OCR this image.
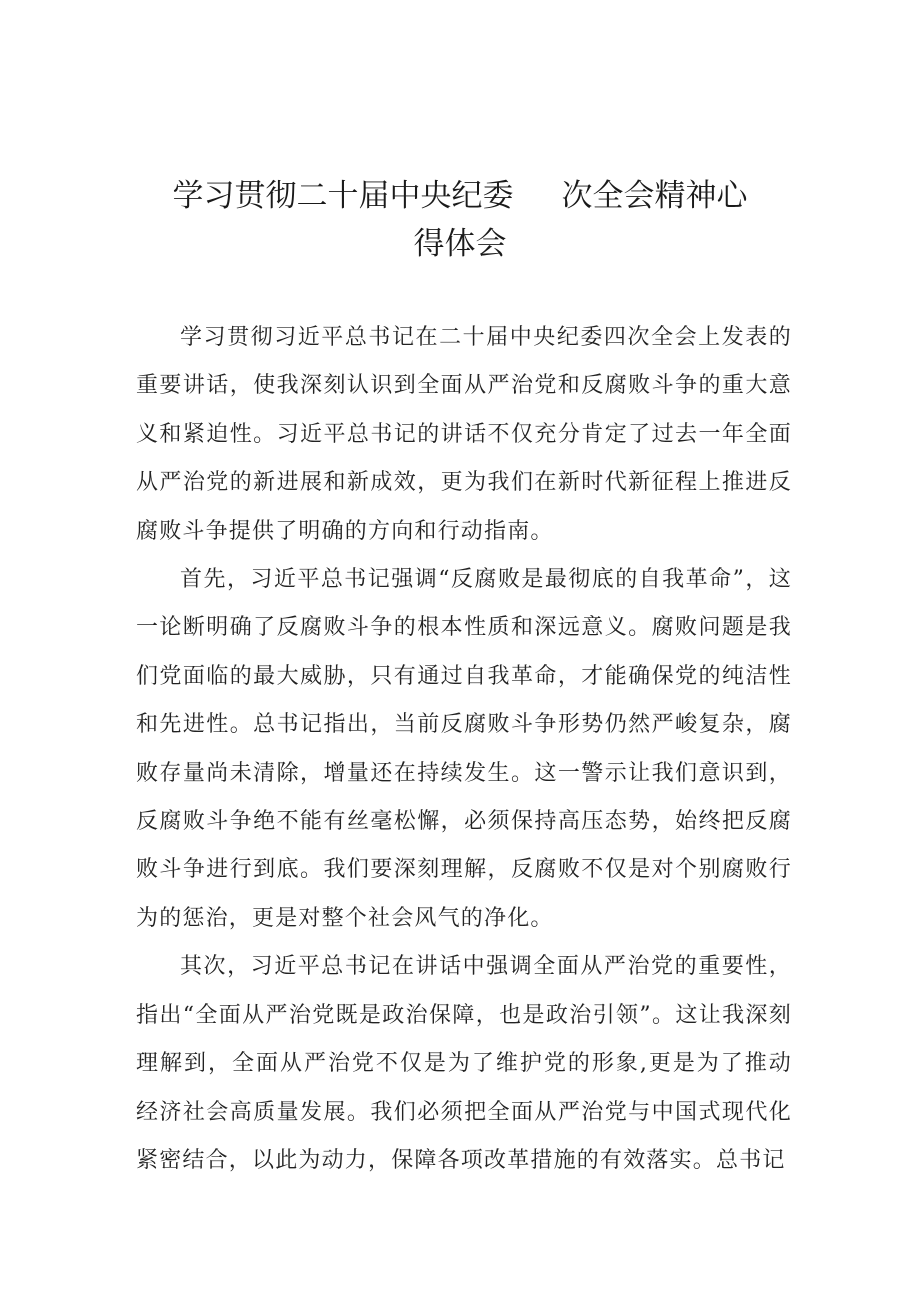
学习贯彻二十届中央纪委 次全会精神心
得体会

学习贯彻习近平总书记在二十届中央纪委四次全会上发表的重要讲话，使我深刻认识到全面从严治党和反腐败斗争的重大意义和紧迫性。习近平总书记的讲话不仅充分肯定了过去一年全面从严治党的新进展和新成效，更为我们在新时代新征程上推进反腐败斗争提供了明确的方向和行动指南。

首先，习近平总书记强调“反腐败是最彻底的自我革命”，这一论断明确了反腐败斗争的根本性质和深远意义。腐败问题是我们党面临的最大威胁，只有通过自我革命，才能确保党的纯洁性和先进性。总书记指出，当前反腐败斗争形势仍然严峻复杂，腐败存量尚未清除，增量还在持续发生。这一警示让我们意识到，反腐败斗争绝不能有丝毫松懈，必须保持高压态势，始终把反腐败斗争进行到底。我们要深刻理解，反腐败不仅是对个别腐败行为的惩治，更是对整个社会风气的净化。

其次，习近平总书记在讲话中强调全面从严治党的重要性，指出“全面从严治党既是政治保障，也是政治引领”。这让我深刻理解到，全面从严治党不仅是为了维护党的形象,更是为了推动经济社会高质量发展。我们必须把全面从严治党与中国式现代化紧密结合，以此为动力，保障各项改革措施的有效落实。总书记
